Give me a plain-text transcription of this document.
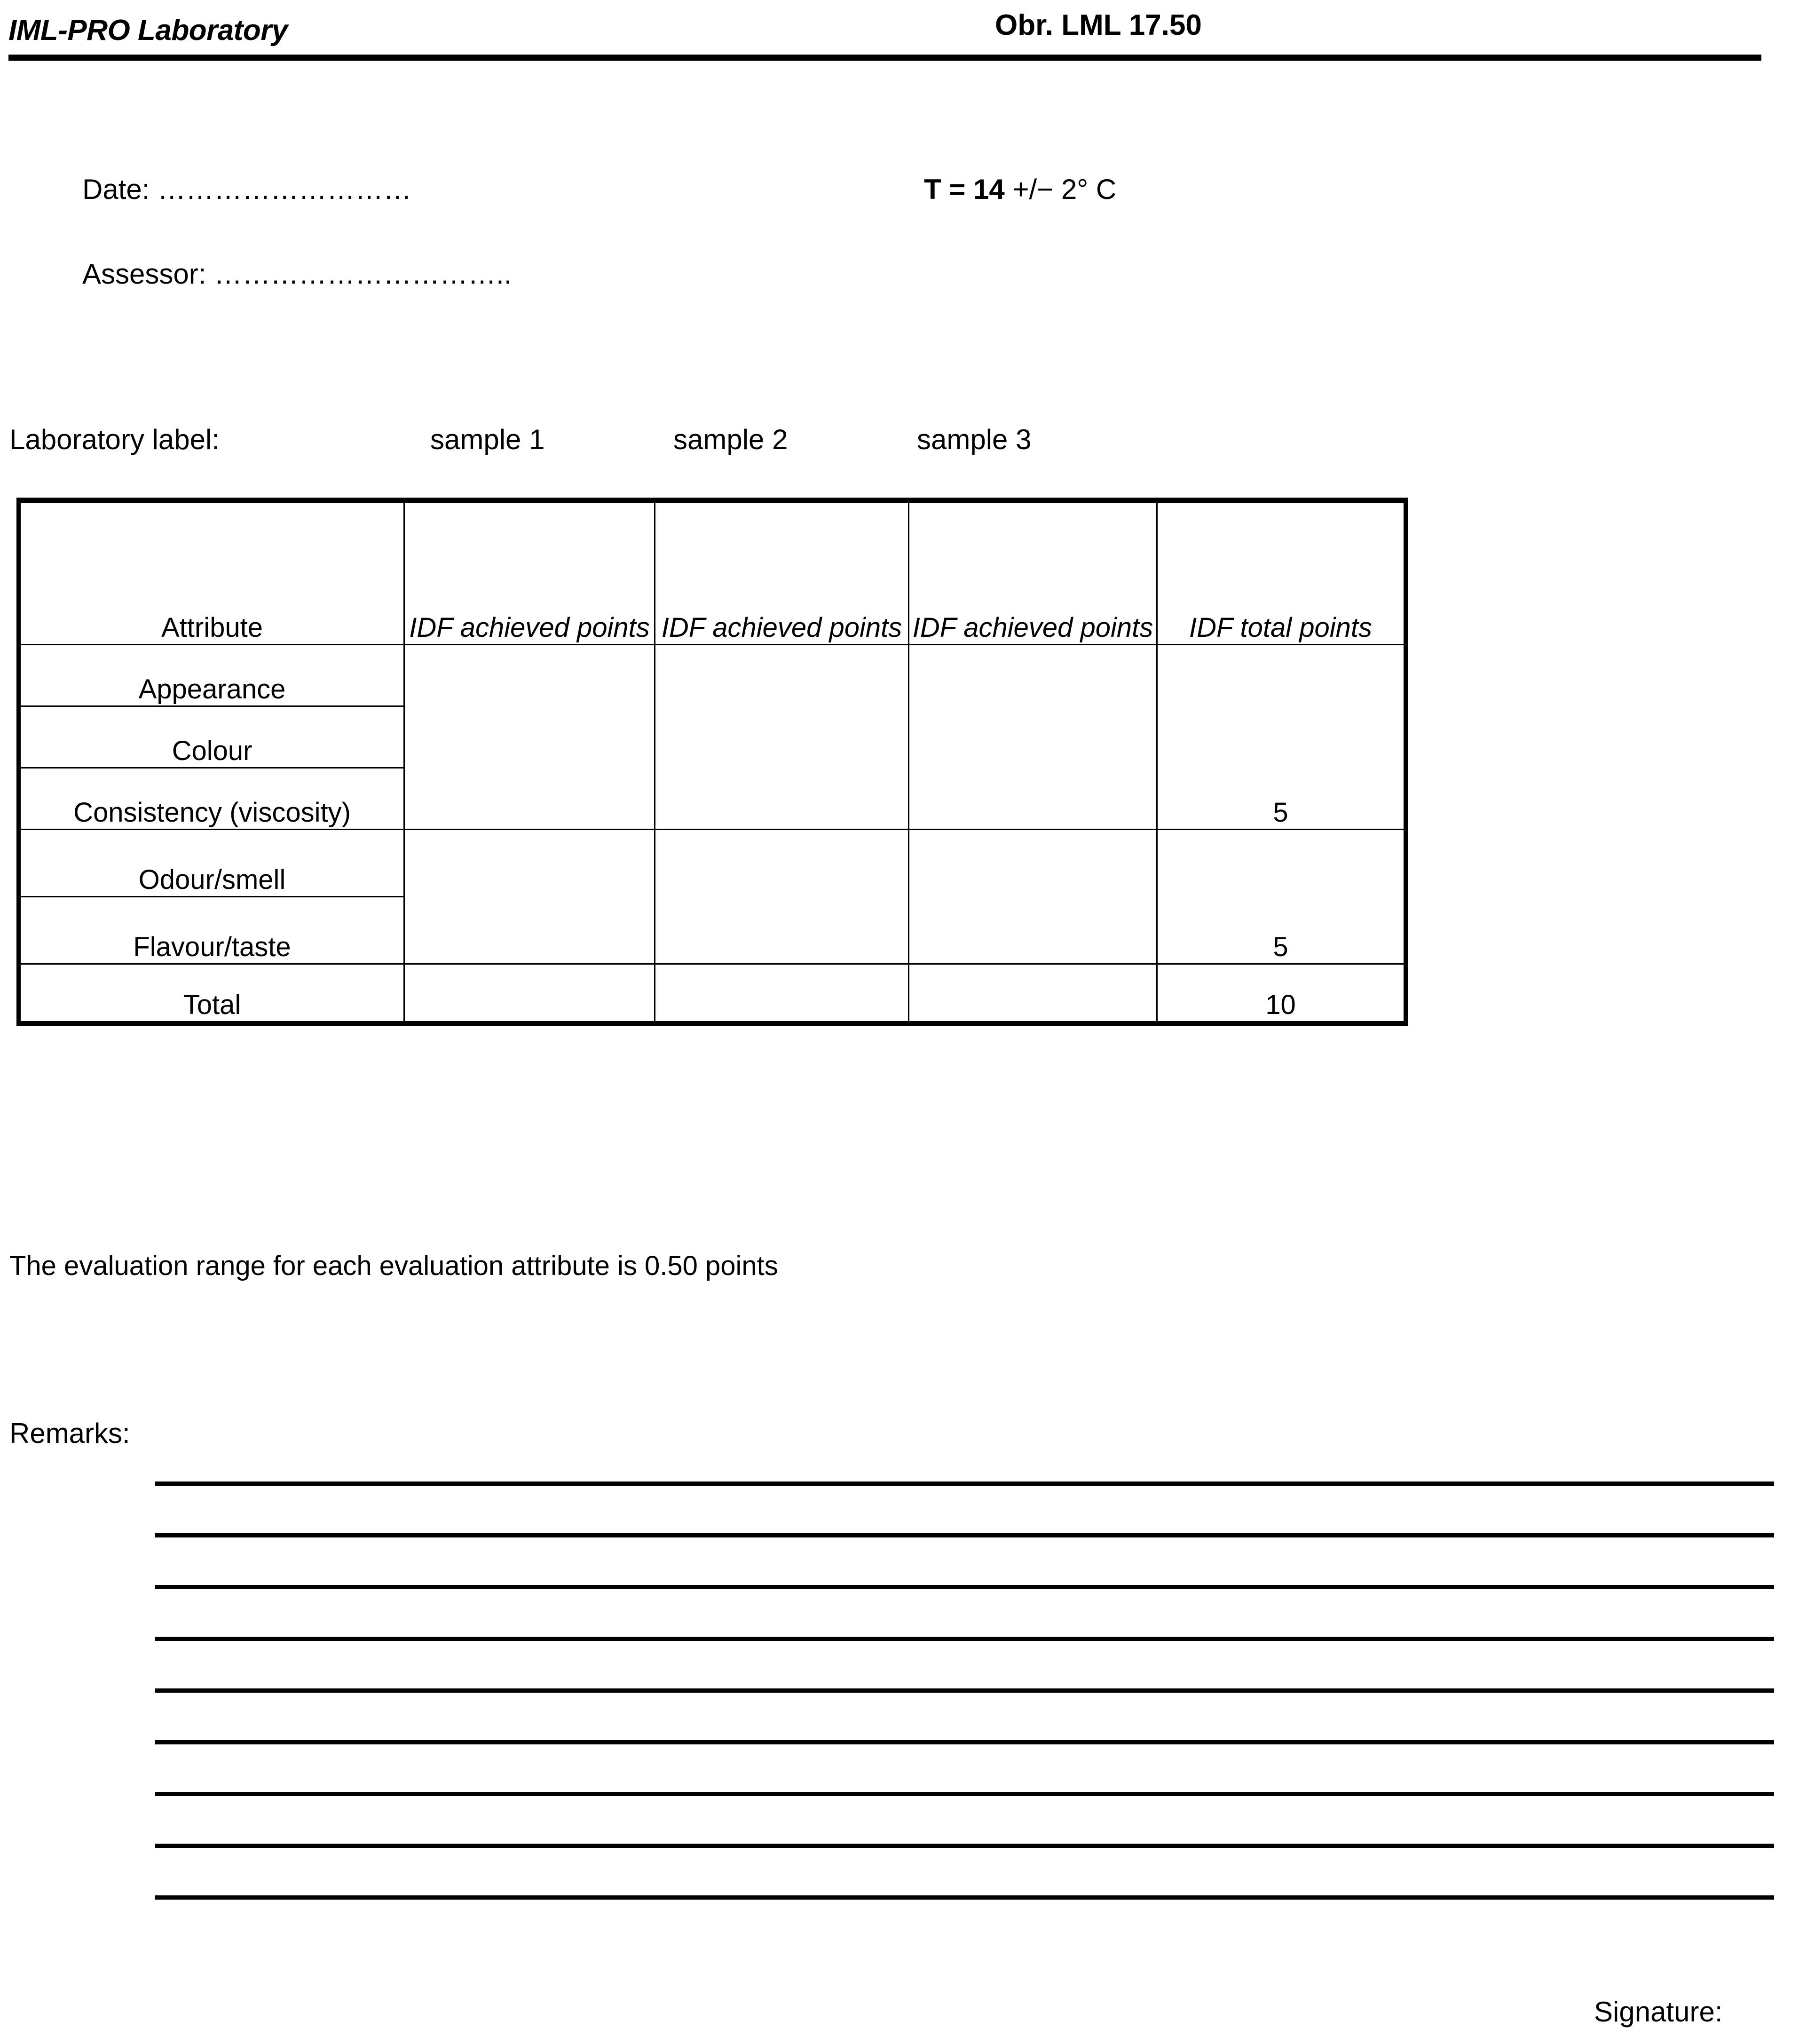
IML-PRO Laboratory	Obr. LML 17.50
Date: ………………………
Assessor: …………………………..
T = 14 +/− 2° C
Laboratory label:	sample 1	sample 2	sample 3
Attribute	IDF achieved points	IDF achieved points	IDF achieved points	IDF total points
Appearance				5
Colour				
Consistency (viscosity)				
Odour/smell				5
Flavour/taste				
Total				10
The evaluation range for each evaluation attribute is 0.50 points
Remarks:
Signature:
